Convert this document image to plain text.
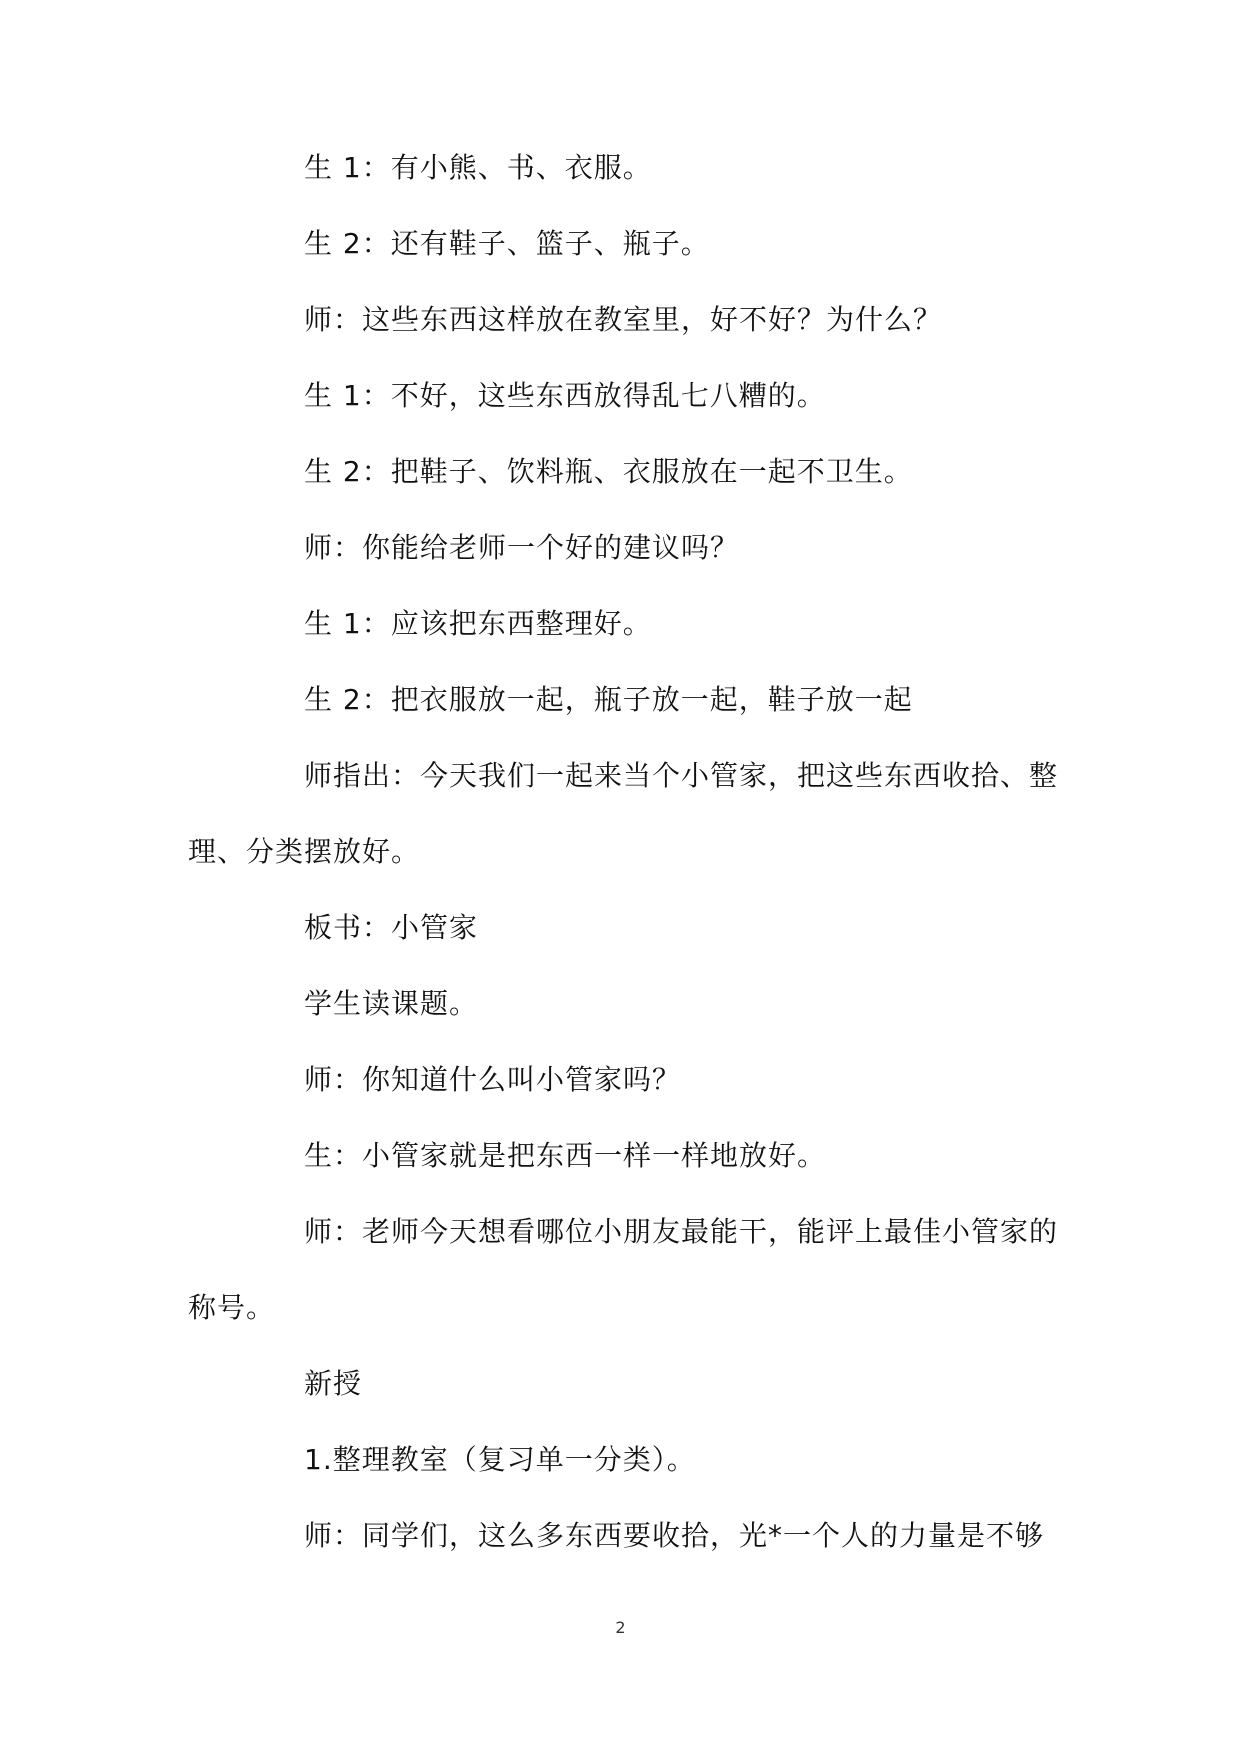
生 1：有小熊、书、衣服。

生 2：还有鞋子、篮子、瓶子。

师：这些东西这样放在教室里，好不好？为什么？

生 1：不好，这些东西放得乱七八糟的。

生 2：把鞋子、饮料瓶、衣服放在一起不卫生。

师：你能给老师一个好的建议吗？

生 1：应该把东西整理好。

生 2：把衣服放一起，瓶子放一起，鞋子放一起

师指出：今天我们一起来当个小管家，把这些东西收拾、整理、分类摆放好。

板书：小管家

学生读课题。

师：你知道什么叫小管家吗？

生：小管家就是把东西一样一样地放好。

师：老师今天想看哪位小朋友最能干，能评上最佳小管家的称号。

新授

1.整理教室（复习单一分类）。

师：同学们，这么多东西要收拾，光*一个人的力量是不够

2
